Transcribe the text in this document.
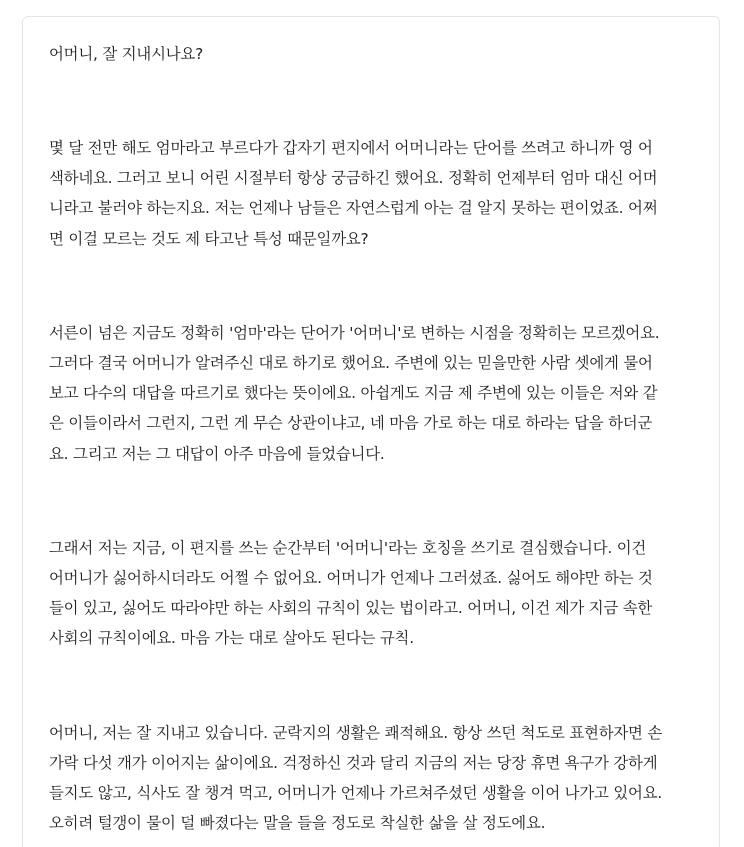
어머니, 잘 지내시나요?

몇 달 전만 해도 엄마라고 부르다가 갑자기 편지에서 어머니라는 단어를 쓰려고 하니까 영 어
색하네요. 그러고 보니 어린 시절부터 항상 궁금하긴 했어요. 정확히 언제부터 엄마 대신 어머
니라고 불러야 하는지요. 저는 언제나 남들은 자연스럽게 아는 걸 알지 못하는 편이었죠. 어쩌
면 이걸 모르는 것도 제 타고난 특성 때문일까요?
서른이 넘은 지금도 정확히 '엄마'라는 단어가 '어머니'로 변하는 시점을 정확히는 모르겠어요.
그러다 결국 어머니가 알려주신 대로 하기로 했어요. 주변에 있는 믿을만한 사람 셋에게 물어
보고 다수의 대답을 따르기로 했다는 뜻이에요. 아쉽게도 지금 제 주변에 있는 이들은 저와 같
은 이들이라서 그런지, 그런 게 무슨 상관이냐고, 네 마음 가로 하는 대로 하라는 답을 하더군
요. 그리고 저는 그 대답이 아주 마음에 들었습니다.
그래서 저는 지금, 이 편지를 쓰는 순간부터 '어머니'라는 호칭을 쓰기로 결심했습니다. 이건
어머니가 싫어하시더라도 어쩔 수 없어요. 어머니가 언제나 그러셨죠. 싫어도 해야만 하는 것
들이 있고, 싫어도 따라야만 하는 사회의 규칙이 있는 법이라고. 어머니, 이건 제가 지금 속한
사회의 규칙이에요. 마음 가는 대로 살아도 된다는 규칙.
어머니, 저는 잘 지내고 있습니다. 군락지의 생활은 쾌적해요. 항상 쓰던 척도로 표현하자면 손
가락 다섯 개가 이어지는 삶이에요. 걱정하신 것과 달리 지금의 저는 당장 휴면 욕구가 강하게
들지도 않고, 식사도 잘 챙겨 먹고, 어머니가 언제나 가르쳐주셨던 생활을 이어 나가고 있어요.
오히려 털갱이 물이 덜 빠졌다는 말을 들을 정도로 착실한 삶을 살 정도에요.
